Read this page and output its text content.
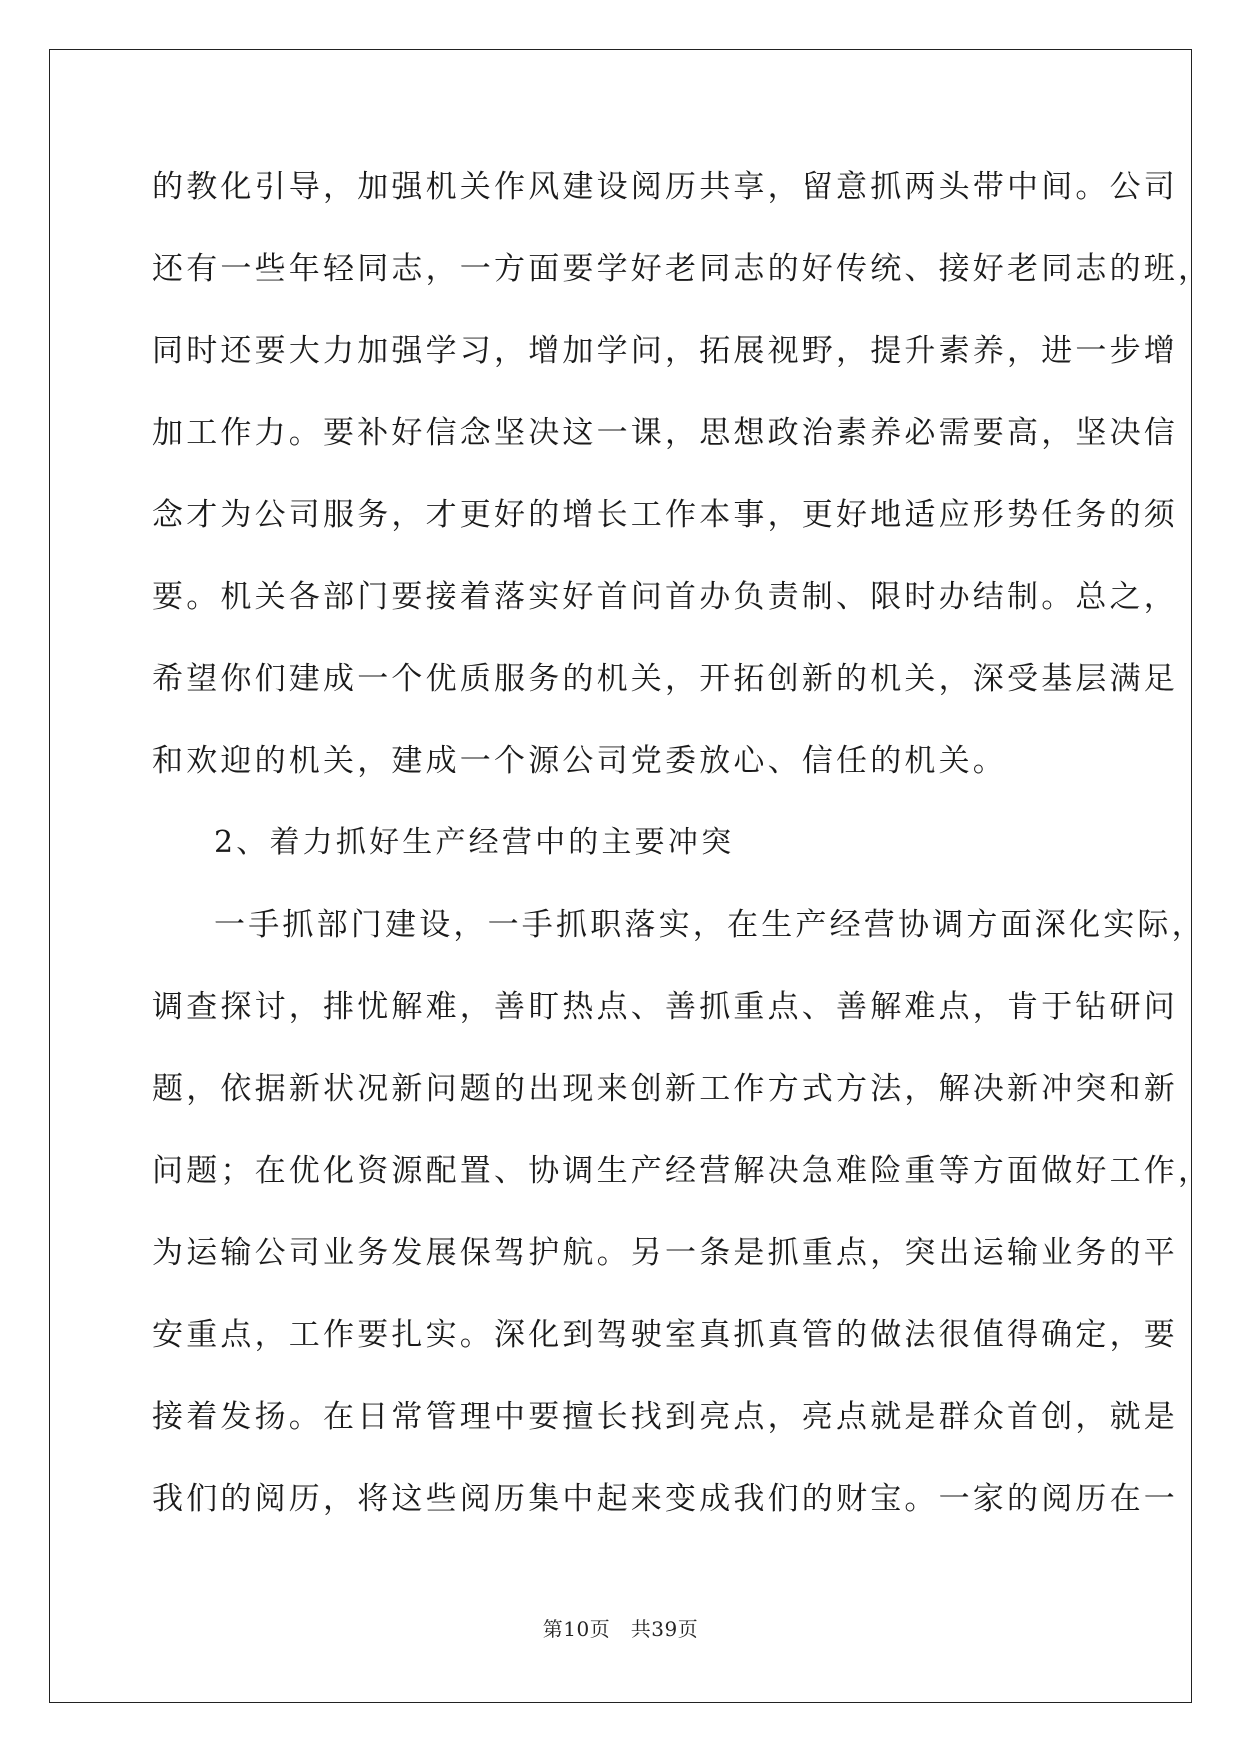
的教化引导，加强机关作风建设阅历共享，留意抓两头带中间。公司

还有一些年轻同志，一方面要学好老同志的好传统、接好老同志的班，

同时还要大力加强学习，增加学问，拓展视野，提升素养，进一步增

加工作力。要补好信念坚决这一课，思想政治素养必需要高，坚决信

念才为公司服务，才更好的增长工作本事，更好地适应形势任务的须

要。机关各部门要接着落实好首问首办负责制、限时办结制。总之，

希望你们建成一个优质服务的机关，开拓创新的机关，深受基层满足

和欢迎的机关，建成一个源公司党委放心、信任的机关。

2、着力抓好生产经营中的主要冲突

一手抓部门建设，一手抓职落实，在生产经营协调方面深化实际，

调查探讨，排忧解难，善盯热点、善抓重点、善解难点，肯于钻研问

题，依据新状况新问题的出现来创新工作方式方法，解决新冲突和新

问题；在优化资源配置、协调生产经营解决急难险重等方面做好工作，

为运输公司业务发展保驾护航。另一条是抓重点，突出运输业务的平

安重点，工作要扎实。深化到驾驶室真抓真管的做法很值得确定，要

接着发扬。在日常管理中要擅长找到亮点，亮点就是群众首创，就是

我们的阅历，将这些阅历集中起来变成我们的财宝。一家的阅历在一

第10页　共39页
